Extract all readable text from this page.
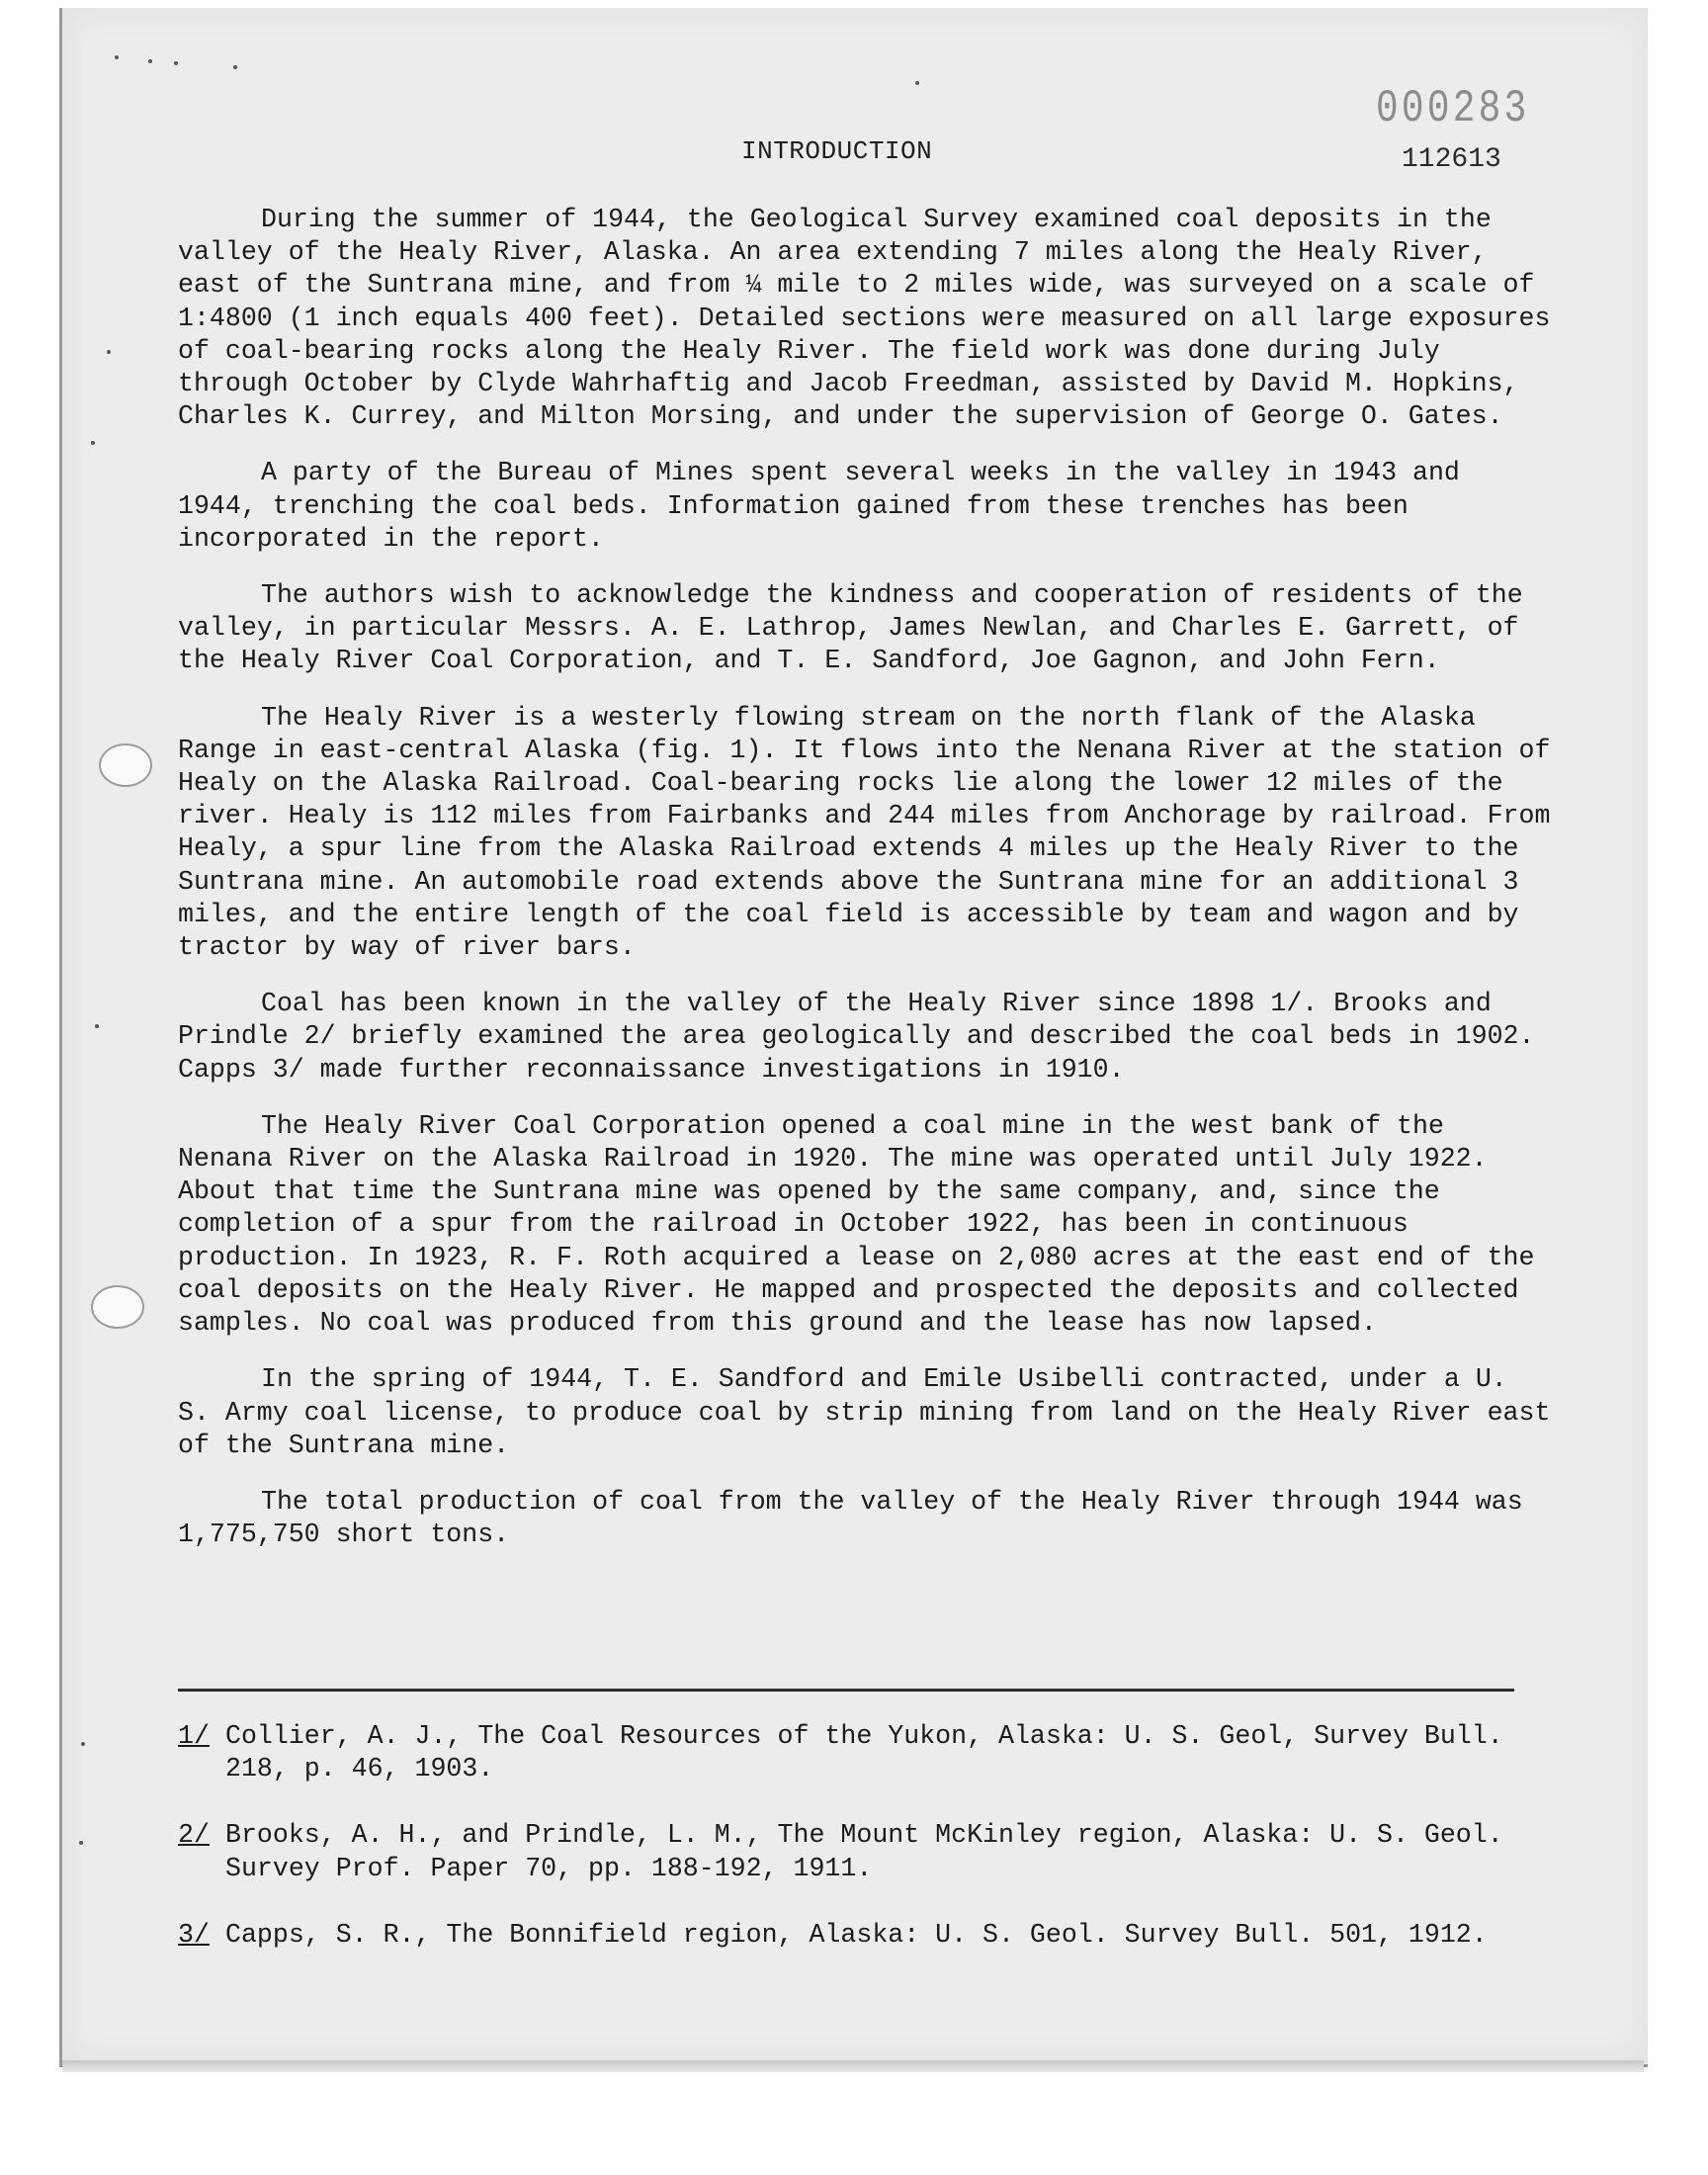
000283
112613
INTRODUCTION

During the summer of 1944, the Geological Survey examined coal deposits in the valley of the Healy River, Alaska. An area extending 7 miles along the Healy River, east of the Suntrana mine, and from ¼ mile to 2 miles wide, was surveyed on a scale of 1:4800 (1 inch equals 400 feet). Detailed sections were measured on all large exposures of coal-bearing rocks along the Healy River. The field work was done during July through October by Clyde Wahrhaftig and Jacob Freedman, assisted by David M. Hopkins, Charles K. Currey, and Milton Morsing, and under the supervision of George O. Gates.

A party of the Bureau of Mines spent several weeks in the valley in 1943 and 1944, trenching the coal beds. Information gained from these trenches has been incorporated in the report.

The authors wish to acknowledge the kindness and cooperation of residents of the valley, in particular Messrs. A. E. Lathrop, James Newlan, and Charles E. Garrett, of the Healy River Coal Corporation, and T. E. Sandford, Joe Gagnon, and John Fern.

The Healy River is a westerly flowing stream on the north flank of the Alaska Range in east-central Alaska (fig. 1). It flows into the Nenana River at the station of Healy on the Alaska Railroad. Coal-bearing rocks lie along the lower 12 miles of the river. Healy is 112 miles from Fairbanks and 244 miles from Anchorage by railroad. From Healy, a spur line from the Alaska Railroad extends 4 miles up the Healy River to the Suntrana mine. An automobile road extends above the Suntrana mine for an additional 3 miles, and the entire length of the coal field is accessible by team and wagon and by tractor by way of river bars.

Coal has been known in the valley of the Healy River since 1898 1/. Brooks and Prindle 2/ briefly examined the area geologically and described the coal beds in 1902. Capps 3/ made further reconnaissance investigations in 1910.

The Healy River Coal Corporation opened a coal mine in the west bank of the Nenana River on the Alaska Railroad in 1920. The mine was operated until July 1922. About that time the Suntrana mine was opened by the same company, and, since the completion of a spur from the railroad in October 1922, has been in continuous production. In 1923, R. F. Roth acquired a lease on 2,080 acres at the east end of the coal deposits on the Healy River. He mapped and prospected the deposits and collected samples. No coal was produced from this ground and the lease has now lapsed.

In the spring of 1944, T. E. Sandford and Emile Usibelli contracted, under a U. S. Army coal license, to produce coal by strip mining from land on the Healy River east of the Suntrana mine.

The total production of coal from the valley of the Healy River through 1944 was 1,775,750 short tons.

1/ Collier, A. J., The Coal Resources of the Yukon, Alaska: U. S. Geol, Survey Bull. 218, p. 46, 1903.
2/ Brooks, A. H., and Prindle, L. M., The Mount McKinley region, Alaska: U. S. Geol. Survey Prof. Paper 70, pp. 188-192, 1911.
3/ Capps, S. R., The Bonnifield region, Alaska: U. S. Geol. Survey Bull. 501, 1912.
